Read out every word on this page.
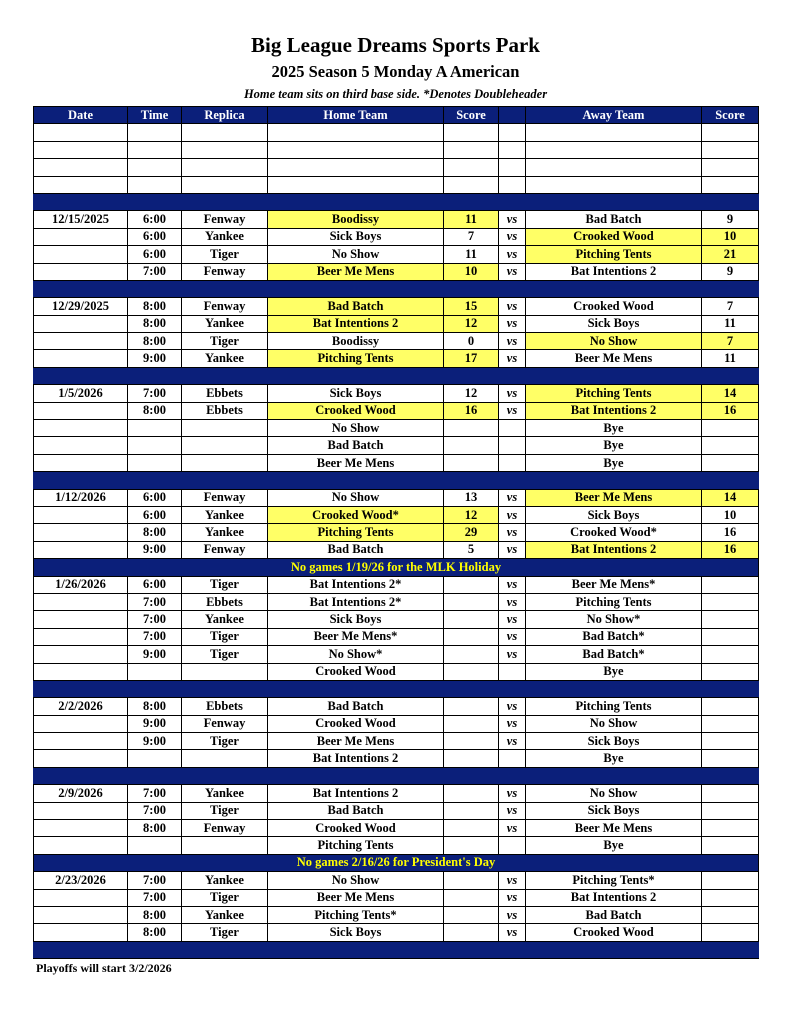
Big League Dreams Sports Park
2025 Season 5 Monday A American
Home team sits on third base side. *Denotes Doubleheader
Date	Time	Replica	Home Team	Score		Away Team	Score

12/15/2025	6:00	Fenway	Boodissy	11	vs	Bad Batch	9
	6:00	Yankee	Sick Boys	7	vs	Crooked Wood	10
	6:00	Tiger	No Show	11	vs	Pitching Tents	21
	7:00	Fenway	Beer Me Mens	10	vs	Bat Intentions 2	9

12/29/2025	8:00	Fenway	Bad Batch	15	vs	Crooked Wood	7
	8:00	Yankee	Bat Intentions 2	12	vs	Sick Boys	11
	8:00	Tiger	Boodissy	0	vs	No Show	7
	9:00	Yankee	Pitching Tents	17	vs	Beer Me Mens	11

1/5/2026	7:00	Ebbets	Sick Boys	12	vs	Pitching Tents	14
	8:00	Ebbets	Crooked Wood	16	vs	Bat Intentions 2	16
			No Show			Bye	
			Bad Batch			Bye	
			Beer Me Mens			Bye	

1/12/2026	6:00	Fenway	No Show	13	vs	Beer Me Mens	14
	6:00	Yankee	Crooked Wood*	12	vs	Sick Boys	10
	8:00	Yankee	Pitching Tents	29	vs	Crooked Wood*	16
	9:00	Fenway	Bad Batch	5	vs	Bat Intentions 2	16
No games 1/19/26 for the MLK Holiday							
1/26/2026	6:00	Tiger	Bat Intentions 2*		vs	Beer Me Mens*	
	7:00	Ebbets	Bat Intentions 2*		vs	Pitching Tents	
	7:00	Yankee	Sick Boys		vs	No Show*	
	7:00	Tiger	Beer Me Mens*		vs	Bad Batch*	
	9:00	Tiger	No Show*		vs	Bad Batch*	
			Crooked Wood			Bye	

2/2/2026	8:00	Ebbets	Bad Batch		vs	Pitching Tents	
	9:00	Fenway	Crooked Wood		vs	No Show	
	9:00	Tiger	Beer Me Mens		vs	Sick Boys	
			Bat Intentions 2			Bye	

2/9/2026	7:00	Yankee	Bat Intentions 2		vs	No Show	
	7:00	Tiger	Bad Batch		vs	Sick Boys	
	8:00	Fenway	Crooked Wood		vs	Beer Me Mens	
			Pitching Tents			Bye	
No games 2/16/26 for President's Day							
2/23/2026	7:00	Yankee	No Show		vs	Pitching Tents*	
	7:00	Tiger	Beer Me Mens		vs	Bat Intentions 2	
	8:00	Yankee	Pitching Tents*		vs	Bad Batch	
	8:00	Tiger	Sick Boys		vs	Crooked Wood	

Playoffs will start 3/2/2026
